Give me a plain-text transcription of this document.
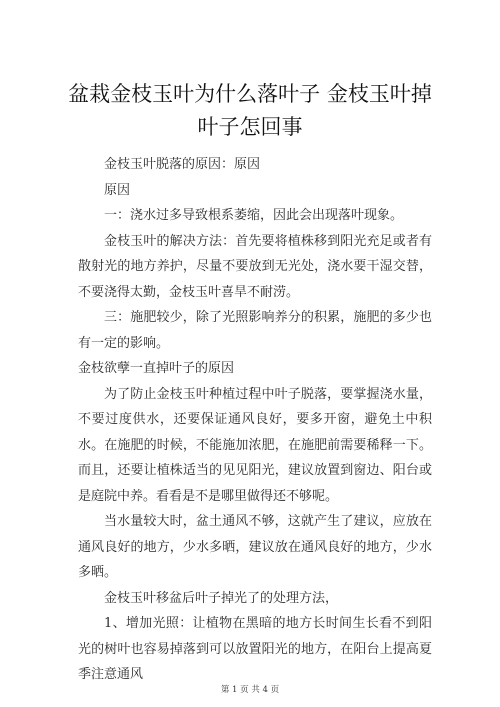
盆栽金枝玉叶为什么落叶子 金枝玉叶掉叶子怎回事

金枝玉叶脱落的原因：原因

原因

一：浇水过多导致根系萎缩，因此会出现落叶现象。

金枝玉叶的解决方法：首先要将植株移到阳光充足或者有散射光的地方养护，尽量不要放到无光处，浇水要干湿交替，不要浇得太勤，金枝玉叶喜旱不耐涝。

三：施肥较少，除了光照影响养分的积累，施肥的多少也有一定的影响。

金枝欲孽一直掉叶子的原因

为了防止金枝玉叶种植过程中叶子脱落，要掌握浇水量，不要过度供水，还要保证通风良好，要多开窗，避免土中积水。在施肥的时候，不能施加浓肥，在施肥前需要稀释一下。而且，还要让植株适当的见见阳光，建议放置到窗边、阳台或是庭院中养。看看是不是哪里做得还不够呢。

当水量较大时，盆土通风不够，这就产生了建议，应放在通风良好的地方，少水多晒，建议放在通风良好的地方，少水多晒。

金枝玉叶移盆后叶子掉光了的处理方法，

1、增加光照：让植物在黑暗的地方长时间生长看不到阳光的树叶也容易掉落到可以放置阳光的地方，在阳台上提高夏季注意通风

第 1 页 共 4 页
